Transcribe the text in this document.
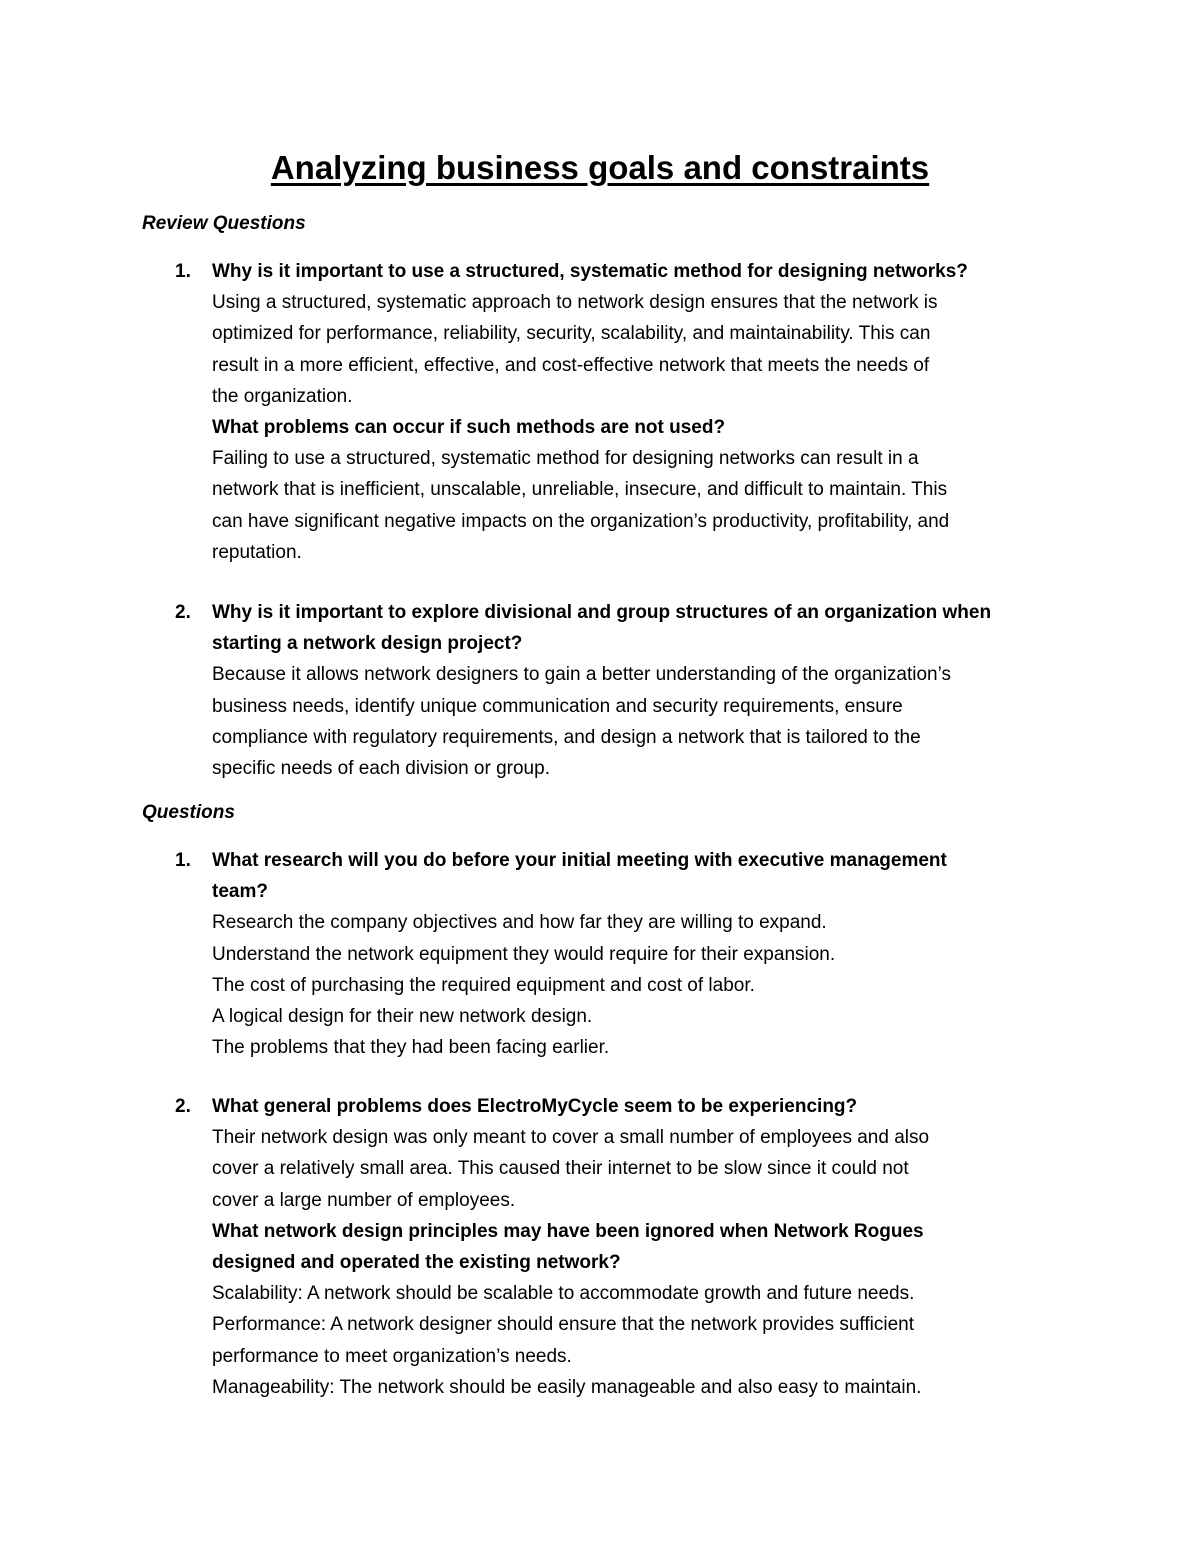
Analyzing business goals and constraints
Review Questions
1. Why is it important to use a structured, systematic method for designing networks?
Using a structured, systematic approach to network design ensures that the network is
optimized for performance, reliability, security, scalability, and maintainability. This can
result in a more efficient, effective, and cost-effective network that meets the needs of
the organization.
What problems can occur if such methods are not used?
Failing to use a structured, systematic method for designing networks can result in a
network that is inefficient, unscalable, unreliable, insecure, and difficult to maintain. This
can have significant negative impacts on the organization’s productivity, profitability, and
reputation.
2. Why is it important to explore divisional and group structures of an organization when
starting a network design project?
Because it allows network designers to gain a better understanding of the organization’s
business needs, identify unique communication and security requirements, ensure
compliance with regulatory requirements, and design a network that is tailored to the
specific needs of each division or group.
Questions
1. What research will you do before your initial meeting with executive management
team?
Research the company objectives and how far they are willing to expand.
Understand the network equipment they would require for their expansion.
The cost of purchasing the required equipment and cost of labor.
A logical design for their new network design.
The problems that they had been facing earlier.
2. What general problems does ElectroMyCycle seem to be experiencing?
Their network design was only meant to cover a small number of employees and also
cover a relatively small area. This caused their internet to be slow since it could not
cover a large number of employees.
What network design principles may have been ignored when Network Rogues
designed and operated the existing network?
Scalability: A network should be scalable to accommodate growth and future needs.
Performance: A network designer should ensure that the network provides sufficient
performance to meet organization’s needs.
Manageability: The network should be easily manageable and also easy to maintain.
